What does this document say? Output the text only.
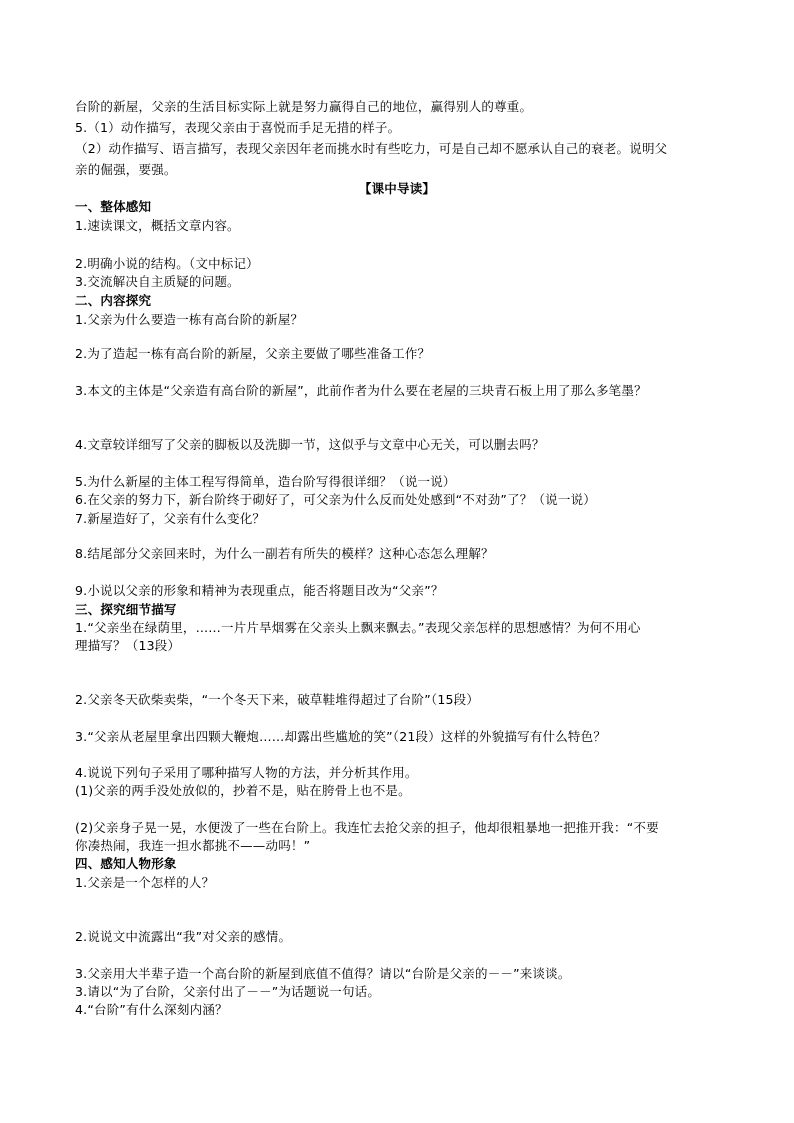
台阶的新屋，父亲的生活目标实际上就是努力赢得自己的地位，赢得别人的尊重。
5.（1）动作描写，表现父亲由于喜悦而手足无措的样子。
（2）动作描写、语言描写，表现父亲因年老而挑水时有些吃力，可是自己却不愿承认自己的衰老。说明父
亲的倔强，要强。
【课中导读】
一、整体感知
1.速读课文，概括文章内容。
2.明确小说的结构。（文中标记）
3.交流解决自主质疑的问题。
二、内容探究
1.父亲为什么要造一栋有高台阶的新屋？
2.为了造起一栋有高台阶的新屋，父亲主要做了哪些准备工作？
3.本文的主体是“父亲造有高台阶的新屋”，此前作者为什么要在老屋的三块青石板上用了那么多笔墨？
4.文章较详细写了父亲的脚板以及洗脚一节，这似乎与文章中心无关，可以删去吗？
5.为什么新屋的主体工程写得简单，造台阶写得很详细？（说一说）
6.在父亲的努力下，新台阶终于砌好了，可父亲为什么反而处处感到“不对劲”了？（说一说）
7.新屋造好了，父亲有什么变化？
8.结尾部分父亲回来时，为什么一副若有所失的模样？这种心态怎么理解？
9.小说以父亲的形象和精神为表现重点，能否将题目改为“父亲”？
三、探究细节描写
1.“父亲坐在绿荫里，……一片片旱烟雾在父亲头上飘来飘去。”表现父亲怎样的思想感情？为何不用心
理描写？（13段）
2.父亲冬天砍柴卖柴，“一个冬天下来，破草鞋堆得超过了台阶”（15段）
3.“父亲从老屋里拿出四颗大鞭炮……却露出些尴尬的笑”（21段）这样的外貌描写有什么特色？
4.说说下列句子采用了哪种描写人物的方法，并分析其作用。
(1)父亲的两手没处放似的，抄着不是，贴在胯骨上也不是。
(2)父亲身子晃一晃，水便泼了一些在台阶上。我连忙去抢父亲的担子，他却很粗暴地一把推开我：“不要
你凑热闹，我连一担水都挑不——动吗！”
四、感知人物形象
1.父亲是一个怎样的人？
2.说说文中流露出“我”对父亲的感情。
3.父亲用大半辈子造一个高台阶的新屋到底值不值得？请以“台阶是父亲的－－”来谈谈。
3.请以“为了台阶，父亲付出了－－”为话题说一句话。
4.“台阶”有什么深刻内涵？
